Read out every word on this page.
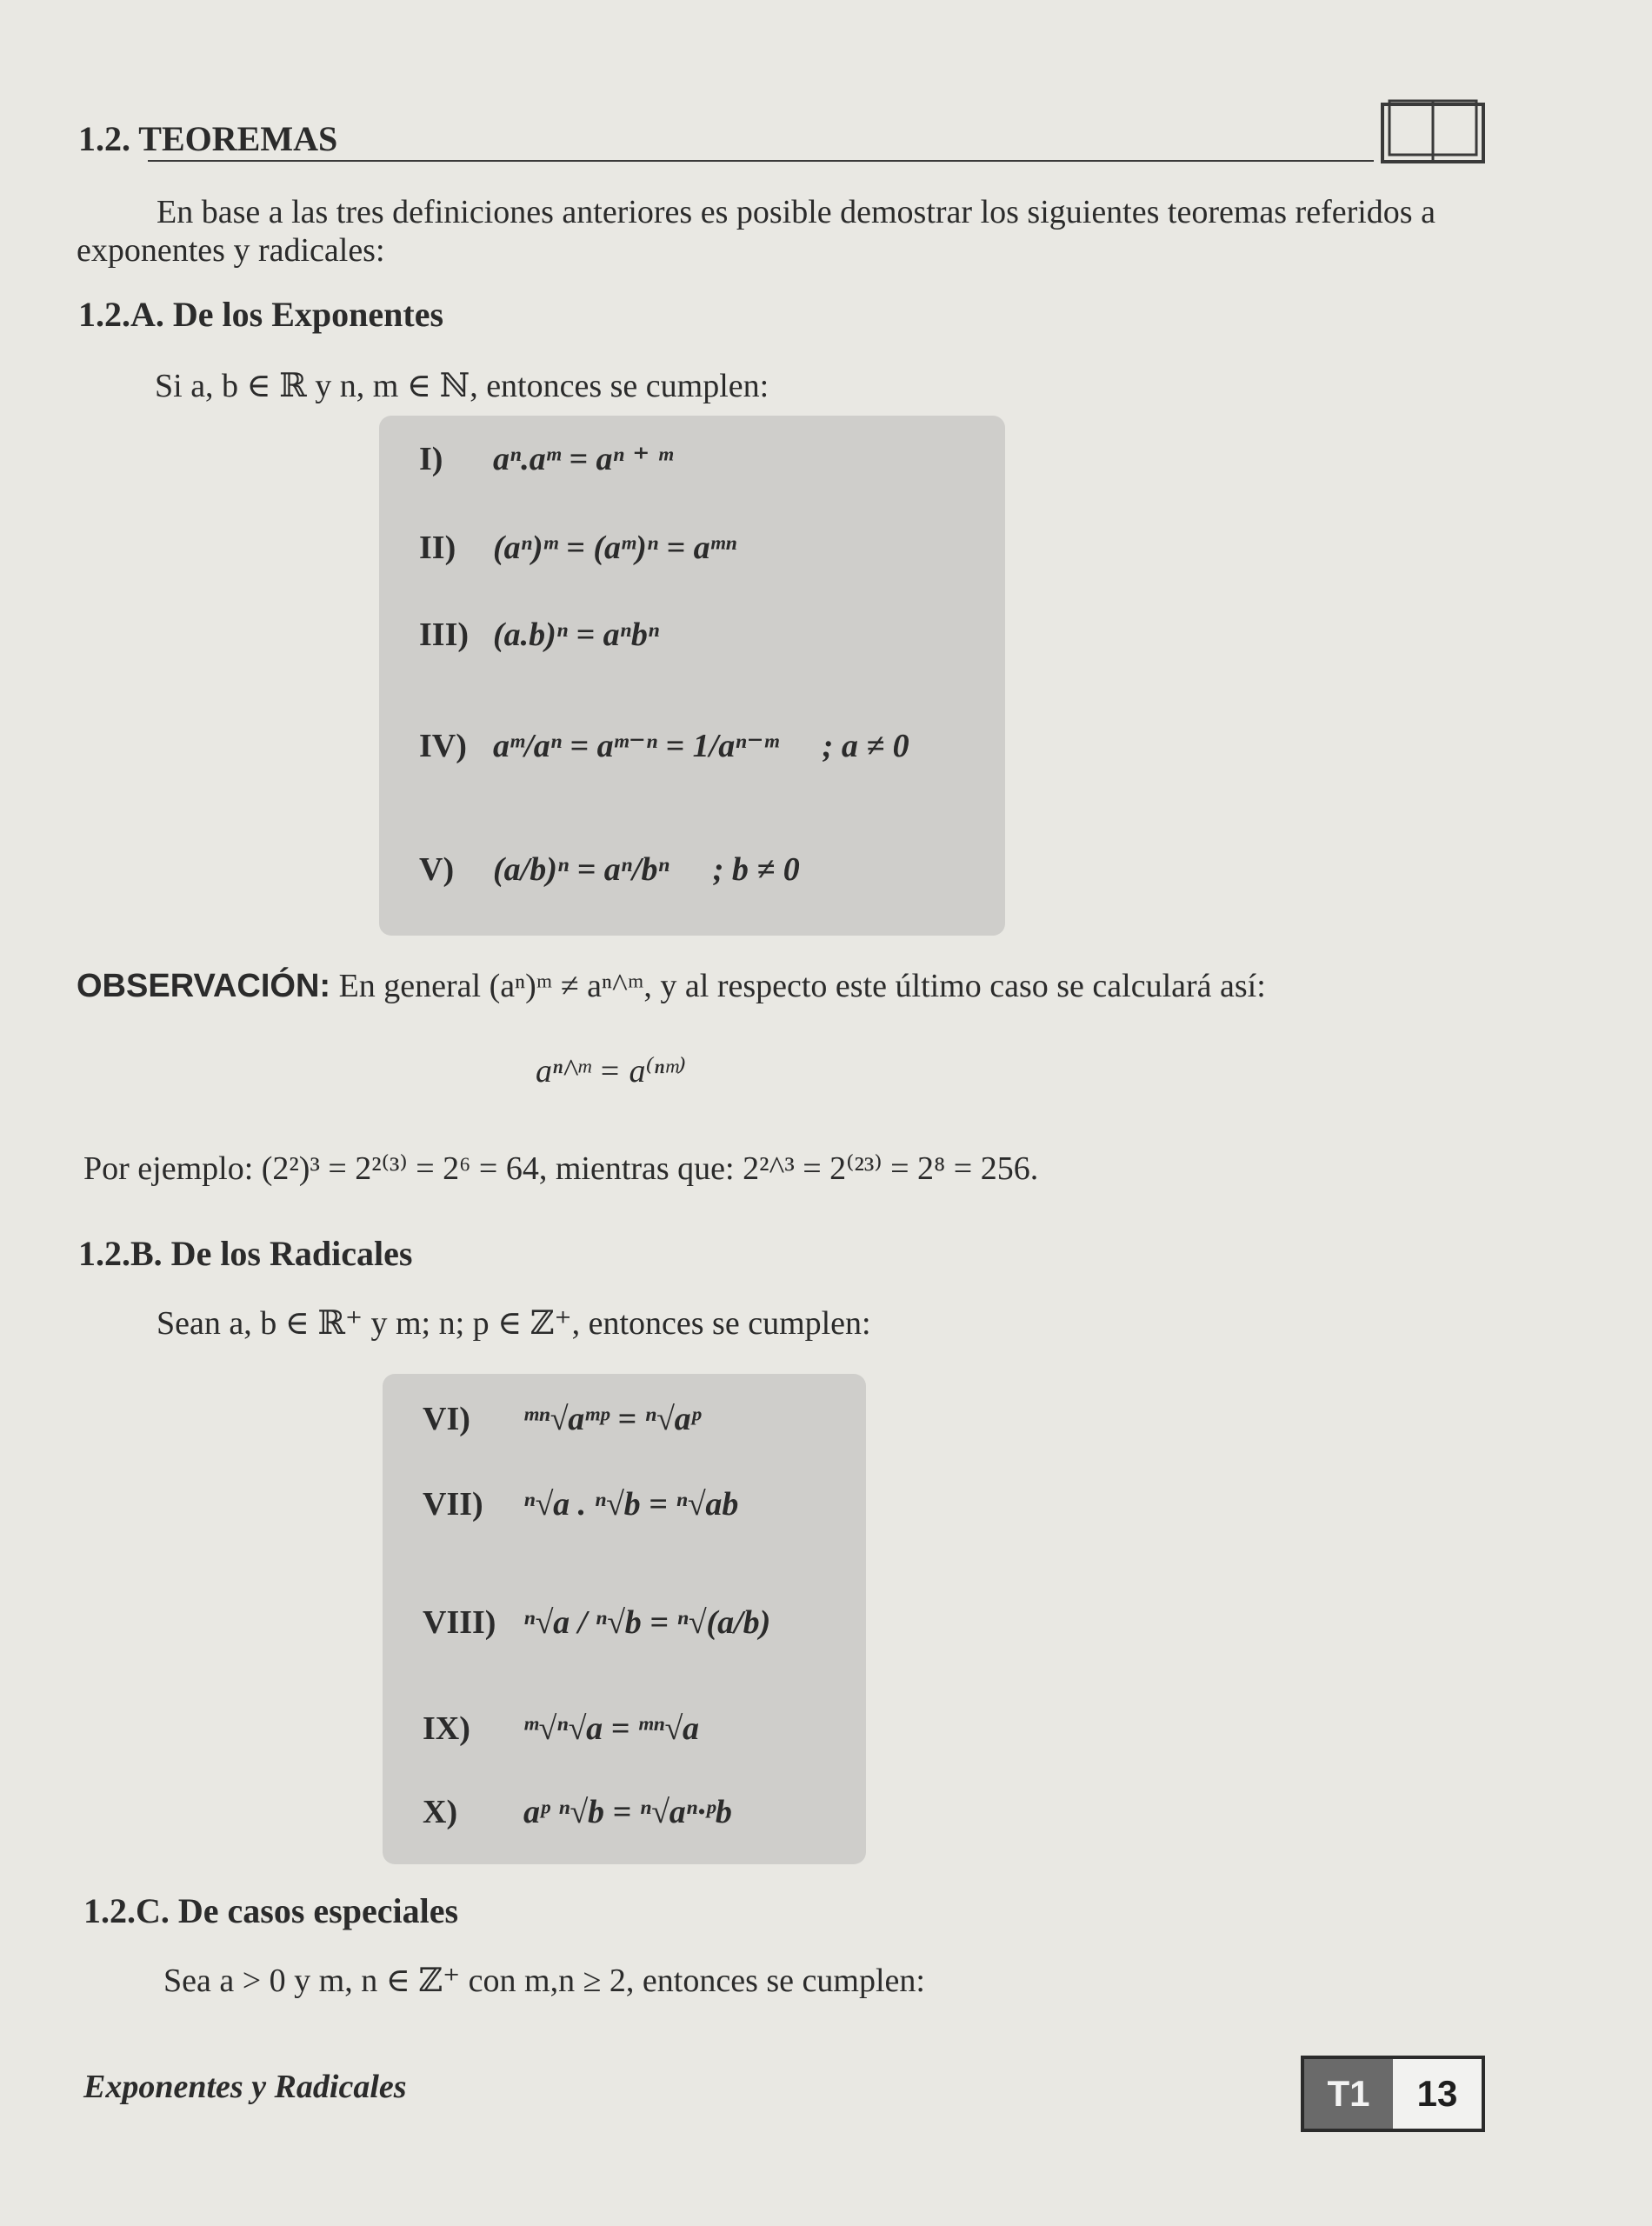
1.2. TEOREMAS
En base a las tres definiciones anteriores es posible demostrar los siguientes teoremas referidos a exponentes y radicales:
1.2.A. De los Exponentes
Si a, b ∈ ℝ y n, m ∈ ℕ, entonces se cumplen:
I) aⁿ.aᵐ = aⁿ ⁺ ᵐ
II) (aⁿ)ᵐ = (aᵐ)ⁿ = aᵐⁿ
III) (a.b)ⁿ = aⁿbⁿ
IV) aᵐ/aⁿ = aᵐ⁻ⁿ = 1/aⁿ⁻ᵐ ; a ≠ 0
V) (a/b)ⁿ = aⁿ/bⁿ ; b ≠ 0
OBSERVACIÓN: En general (aⁿ)ᵐ ≠ aⁿ^ᵐ, y al respecto este último caso se calculará así:
aⁿ^ᵐ = a⁽ⁿᵐ⁾
Por ejemplo: (2²)³ = 2²⁽³⁾ = 2⁶ = 64, mientras que: 2²^³ = 2⁽²³⁾ = 2⁸ = 256.
1.2.B. De los Radicales
Sean a, b ∈ ℝ⁺ y m; n; p ∈ ℤ⁺, entonces se cumplen:
VI) ᵐⁿ√aᵐᵖ = ⁿ√aᵖ
VII) ⁿ√a . ⁿ√b = ⁿ√ab
VIII) ⁿ√a / ⁿ√b = ⁿ√(a/b)
IX) ᵐ√ⁿ√a = ᵐⁿ√a
X) aᵖ ⁿ√b = ⁿ√aⁿ·ᵖb
1.2.C. De casos especiales
Sea a > 0 y m, n ∈ ℤ⁺ con m,n ≥ 2, entonces se cumplen:
Exponentes y Radicales	T1	13
